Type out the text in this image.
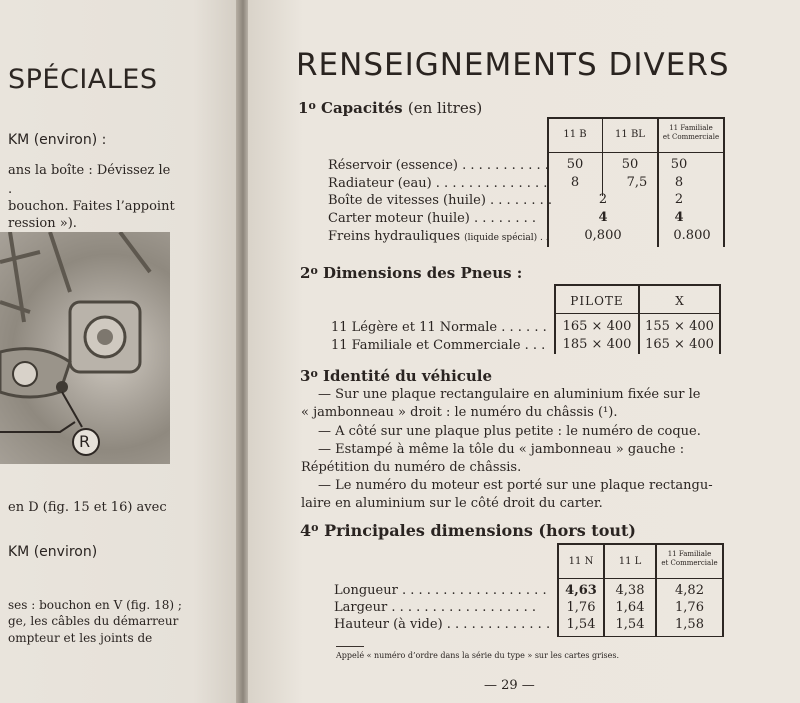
SPÉCIALES
KM (environ) :
ans la boîte : Dévissez le
.
bouchon. Faites l’appoint
ression »).
R
en D (fig. 15 et 16) avec
KM (environ)
ses : bouchon en V (fig. 18) ;
ge, les câbles du démarreur
ompteur et les joints de
RENSEIGNEMENTS DIVERS
1$^o$ Capacités (en litres)
11 B	11 BL
11 Familiale
et Commerciale
Réservoir (essence) . . . . . . . . . . .	50	50	50
Radiateur (eau) . . . . . . . . . . . . . .	8	7,5	8
Boîte de vitesses (huile) . . . . . . . .	2	2
Carter moteur (huile) . . . . . . . .	4	4
Freins hydrauliques (liquide spécial) . .	0,800	0.800
2$^o$ Dimensions des Pneus :
PILOTE	X
11 Légère et 11 Normale . . . . . .	165 × 400	155 × 400
11 Familiale et Commerciale . . .	185 × 400	165 × 400
3$^o$ Identité du véhicule
— Sur une plaque rectangulaire en aluminium fixée sur le
« jambonneau » droit : le numéro du châssis (¹).
— A côté sur une plaque plus petite : le numéro de coque.
— Estampé à même la tôle du « jambonneau » gauche :
Répétition du numéro de châssis.
— Le numéro du moteur est porté sur une plaque rectangu-
laire en aluminium sur le côté droit du carter.
4$^o$ Principales dimensions (hors tout)
11 N	11 L
11 Familiale
et Commerciale
Longueur . . . . . . . . . . . . . . . . . .	4,63	4,38	4,82
Largeur . . . . . . . . . . . . . . . . . .	1,76	1,64	1,76
Hauteur (à vide) . . . . . . . . . . . . .	1,54	1,54	1,58
Appelé « numéro d’ordre dans la série du type » sur les cartes grises.
— 29 —
